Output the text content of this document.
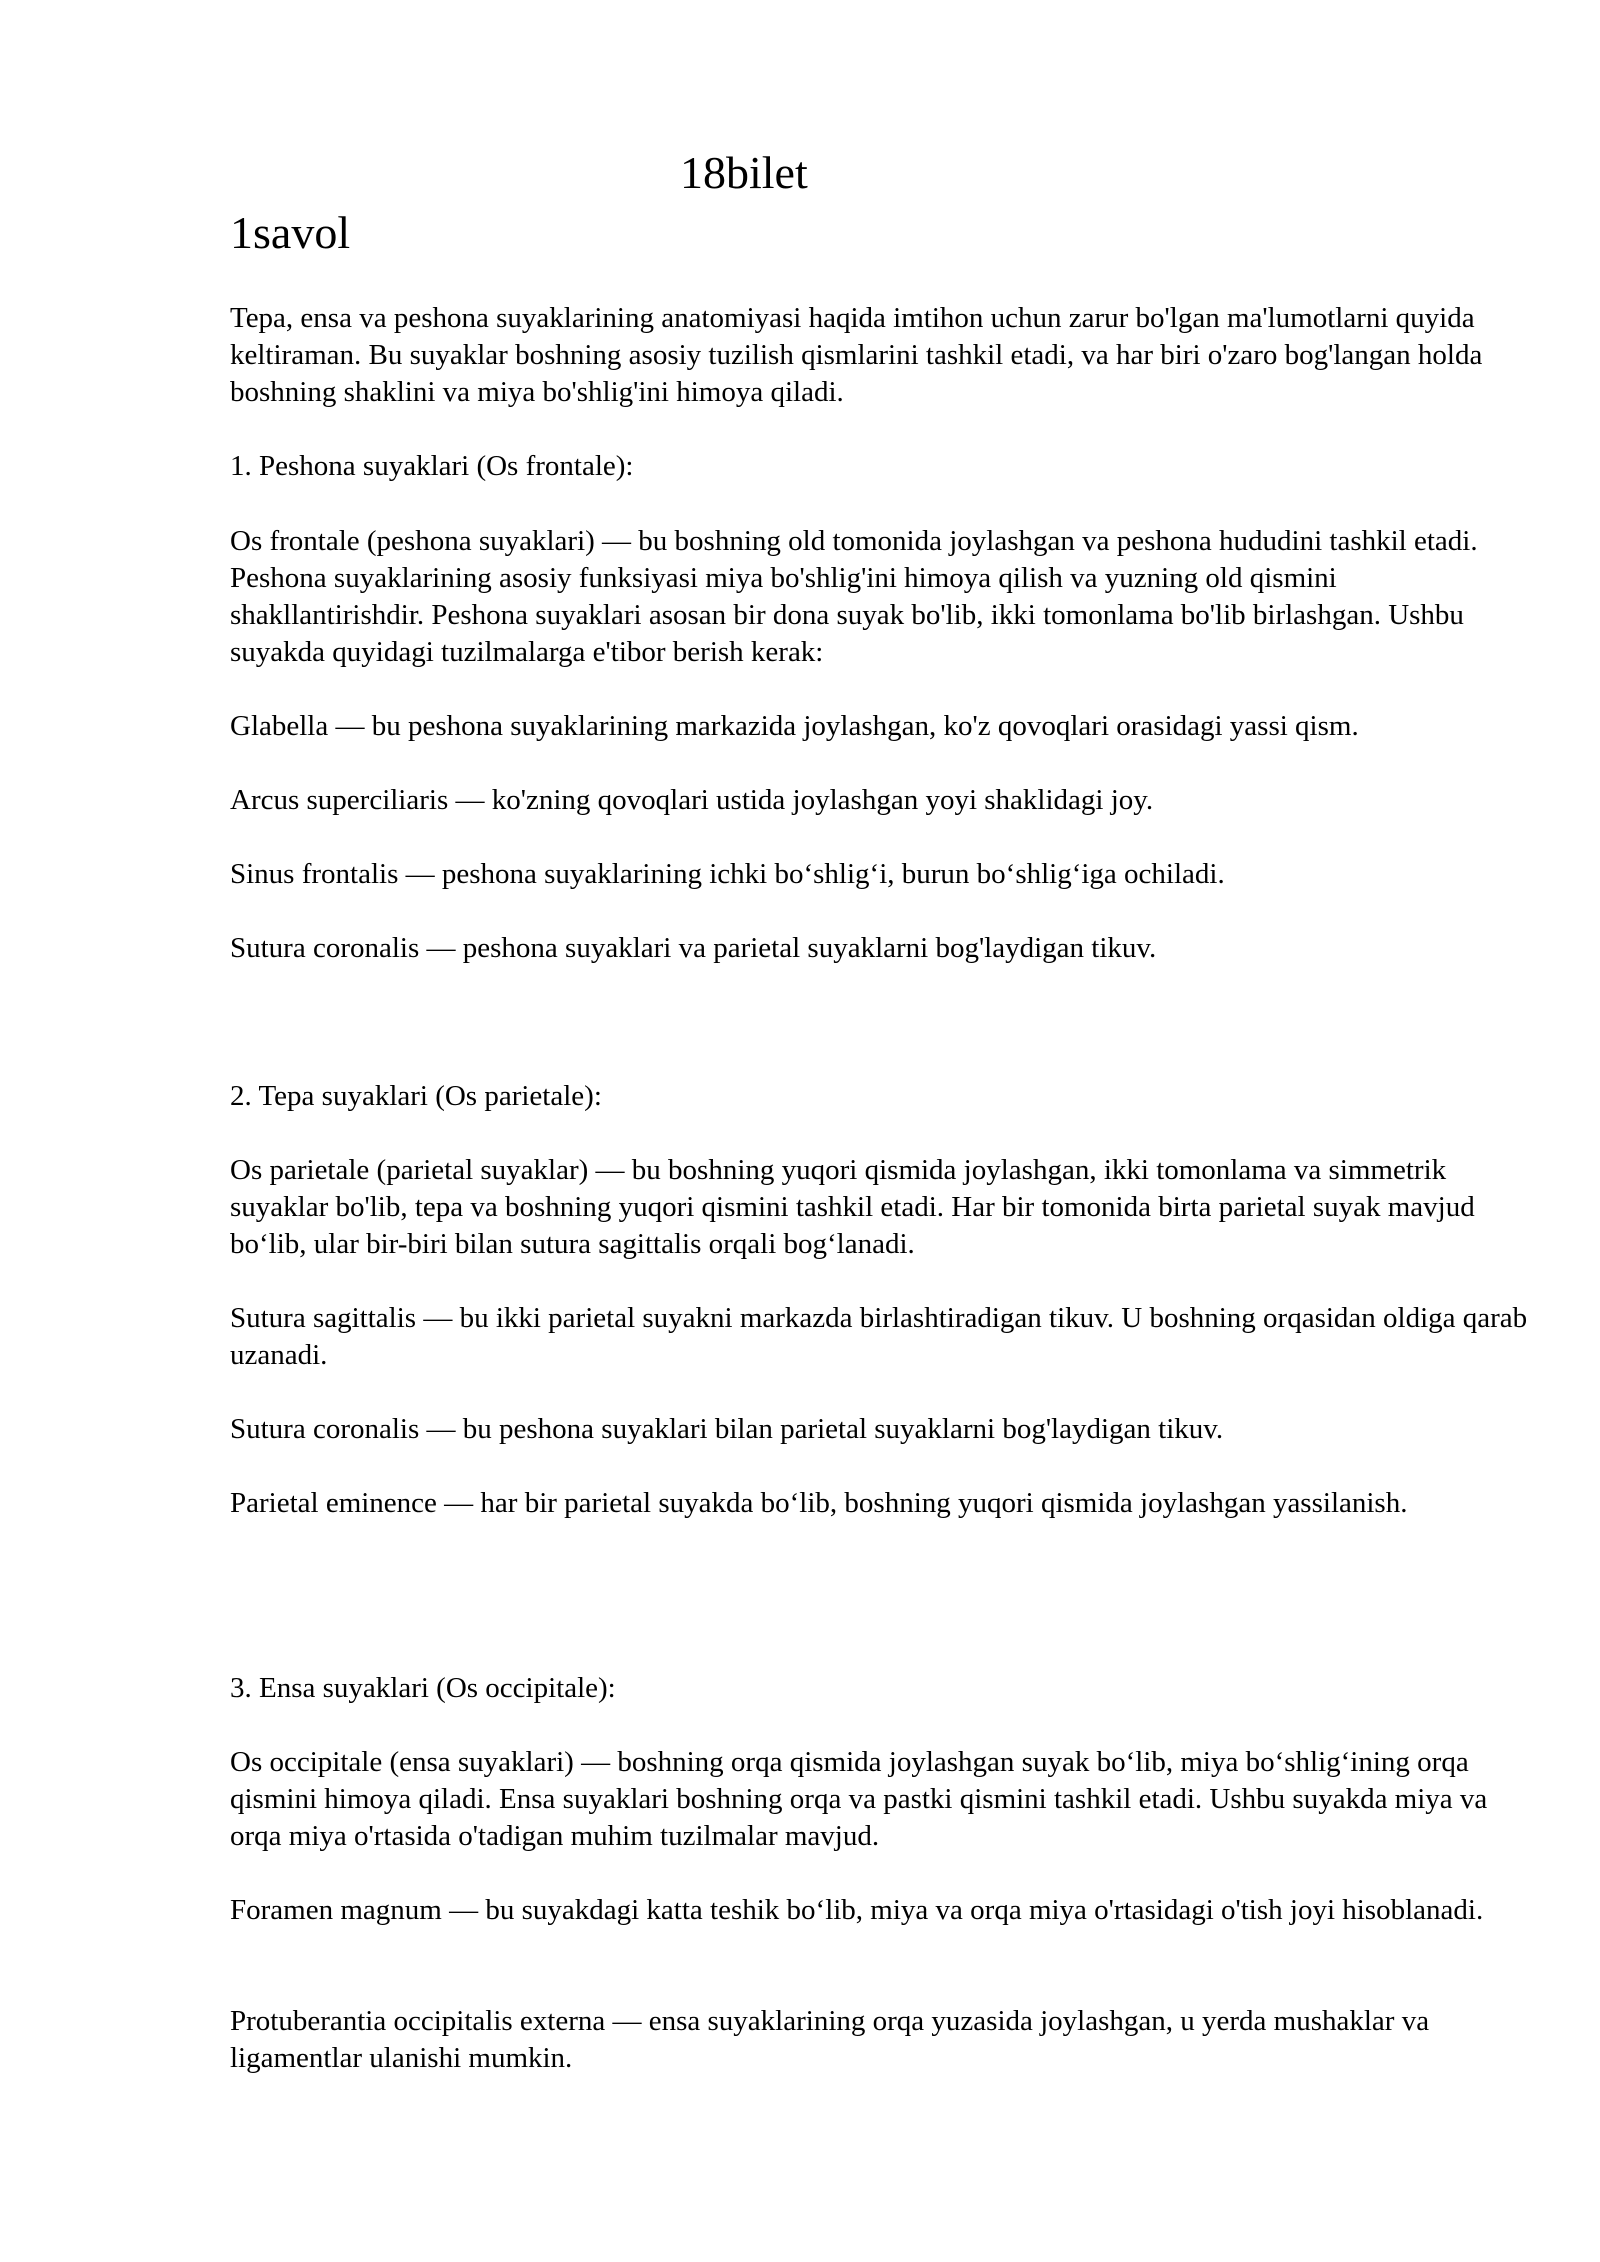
18bilet
1savol

Tepa, ensa va peshona suyaklarining anatomiyasi haqida imtihon uchun zarur bo'lgan ma'lumotlarni quyida keltiraman. Bu suyaklar boshning asosiy tuzilish qismlarini tashkil etadi, va har biri o'zaro bog'langan holda boshning shaklini va miya bo'shlig'ini himoya qiladi.

1. Peshona suyaklari (Os frontale):

Os frontale (peshona suyaklari) — bu boshning old tomonida joylashgan va peshona hududini tashkil etadi. Peshona suyaklarining asosiy funksiyasi miya bo'shlig'ini himoya qilish va yuzning old qismini shakllantirishdir. Peshona suyaklari asosan bir dona suyak bo'lib, ikki tomonlama bo'lib birlashgan. Ushbu suyakda quyidagi tuzilmalarga e'tibor berish kerak:

Glabella — bu peshona suyaklarining markazida joylashgan, ko'z qovoqlari orasidagi yassi qism.

Arcus superciliaris — ko'zning qovoqlari ustida joylashgan yoyi shaklidagi joy.

Sinus frontalis — peshona suyaklarining ichki bo‘shlig‘i, burun bo‘shlig‘iga ochiladi.

Sutura coronalis — peshona suyaklari va parietal suyaklarni bog'laydigan tikuv.

2. Tepa suyaklari (Os parietale):

Os parietale (parietal suyaklar) — bu boshning yuqori qismida joylashgan, ikki tomonlama va simmetrik suyaklar bo'lib, tepa va boshning yuqori qismini tashkil etadi. Har bir tomonida birta parietal suyak mavjud bo‘lib, ular bir-biri bilan sutura sagittalis orqali bog‘lanadi.

Sutura sagittalis — bu ikki parietal suyakni markazda birlashtiradigan tikuv. U boshning orqasidan oldiga qarab uzanadi.

Sutura coronalis — bu peshona suyaklari bilan parietal suyaklarni bog'laydigan tikuv.

Parietal eminence — har bir parietal suyakda bo‘lib, boshning yuqori qismida joylashgan yassilanish.

3. Ensa suyaklari (Os occipitale):

Os occipitale (ensa suyaklari) — boshning orqa qismida joylashgan suyak bo‘lib, miya bo‘shlig‘ining orqa qismini himoya qiladi. Ensa suyaklari boshning orqa va pastki qismini tashkil etadi. Ushbu suyakda miya va orqa miya o'rtasida o'tadigan muhim tuzilmalar mavjud.

Foramen magnum — bu suyakdagi katta teshik bo‘lib, miya va orqa miya o'rtasidagi o'tish joyi hisoblanadi.

Protuberantia occipitalis externa — ensa suyaklarining orqa yuzasida joylashgan, u yerda mushaklar va ligamentlar ulanishi mumkin.
